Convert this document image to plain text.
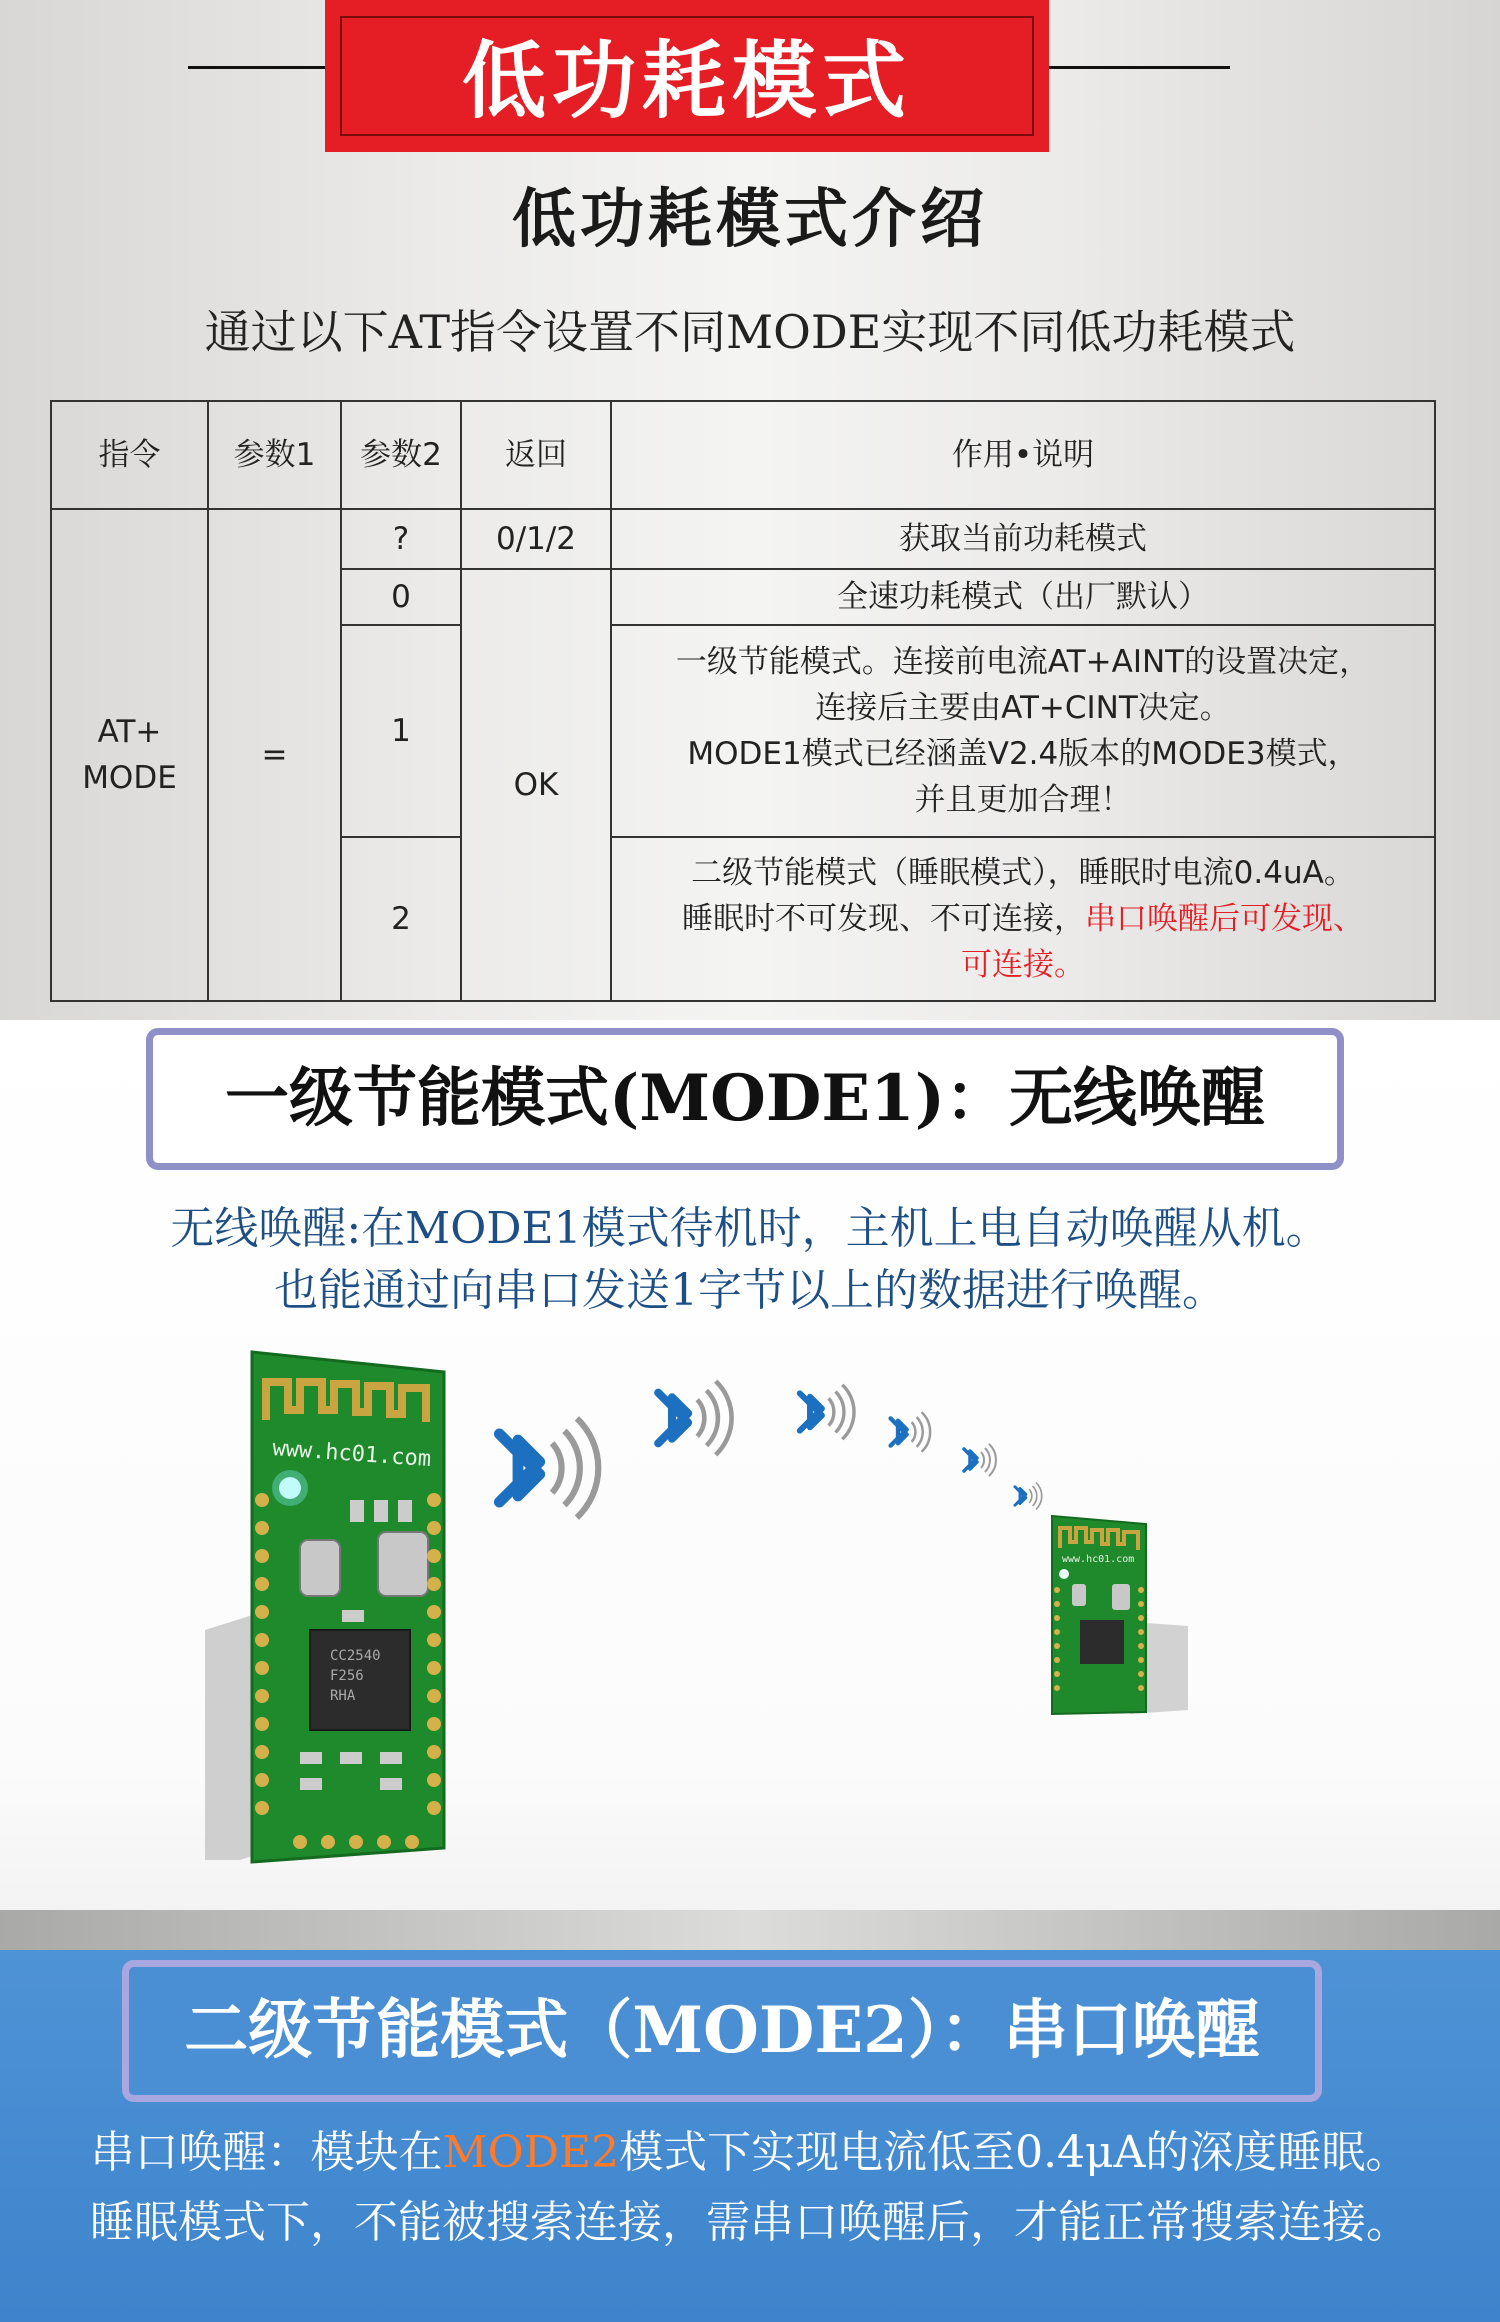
低功耗模式
低功耗模式介绍
通过以下AT指令设置不同MODE实现不同低功耗模式
指令	参数1	参数2	返回	作用•说明
AT+ MODE	=	?	0/1/2	获取当前功耗模式
		0	OK	全速功耗模式（出厂默认）
		1		一级节能模式。连接前电流AT+AINT的设置决定，
连接后主要由AT+CINT决定。
MODE1模式已经涵盖V2.4版本的MODE3模式，
并且更加合理！

		2		二级节能模式（睡眠模式），睡眠时电流0.4uA。
睡眠时不可发现、不可连接，串口唤醒后可发现、
可连接。
一级节能模式(MODE1)：无线唤醒
无线唤醒:在MODE1模式待机时，主机上电自动唤醒从机。
也能通过向串口发送1字节以上的数据进行唤醒。
www.hc01.com
CC2540
F256
RHA
www.hc01.com
二级节能模式（MODE2）：串口唤醒
串口唤醒：模块在MODE2模式下实现电流低至0.4μA的深度睡眠。
睡眠模式下，不能被搜索连接，需串口唤醒后，才能正常搜索连接。
